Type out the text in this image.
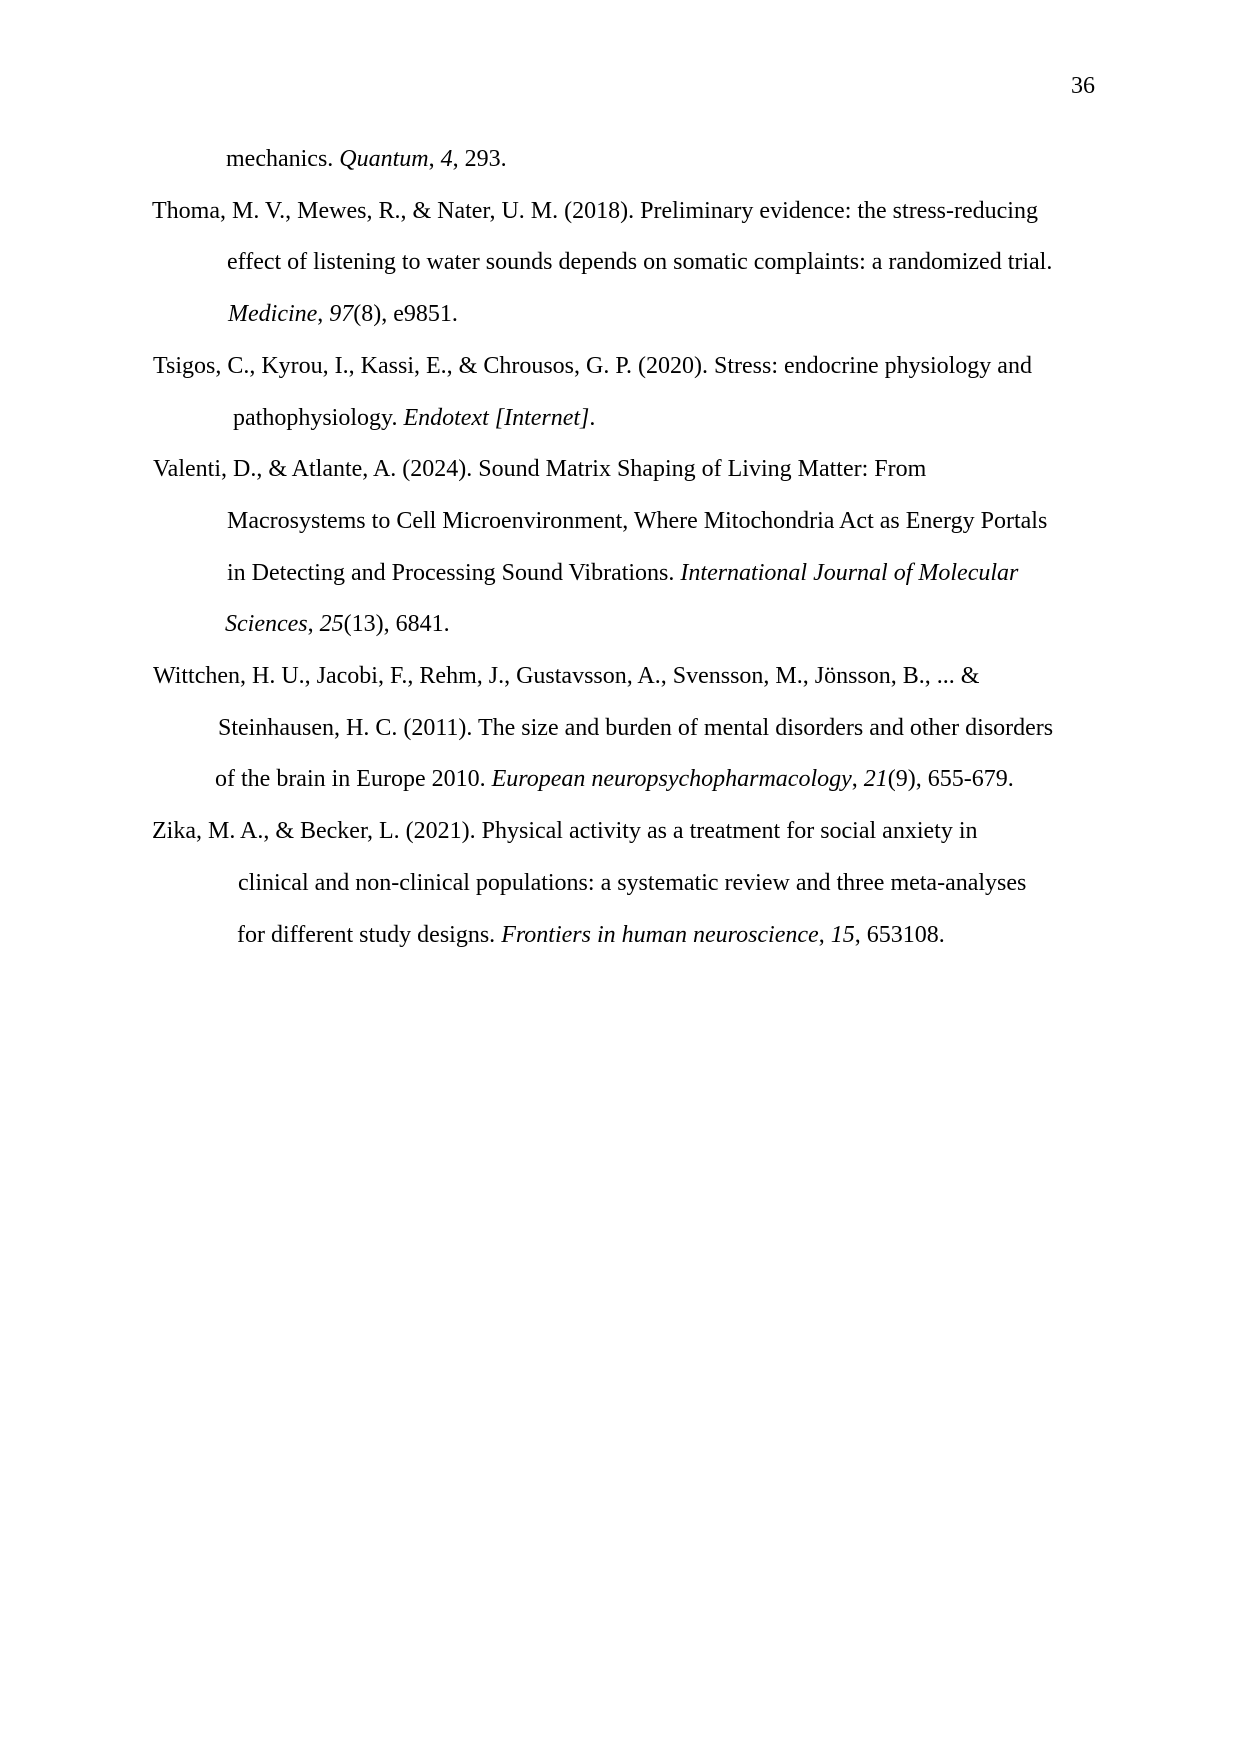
36
mechanics. Quantum, 4, 293.
Thoma, M. V., Mewes, R., & Nater, U. M. (2018). Preliminary evidence: the stress-reducing
effect of listening to water sounds depends on somatic complaints: a randomized trial.
Medicine, 97(8), e9851.
Tsigos, C., Kyrou, I., Kassi, E., & Chrousos, G. P. (2020). Stress: endocrine physiology and
pathophysiology. Endotext [Internet].
Valenti, D., & Atlante, A. (2024). Sound Matrix Shaping of Living Matter: From
Macrosystems to Cell Microenvironment, Where Mitochondria Act as Energy Portals
in Detecting and Processing Sound Vibrations. International Journal of Molecular
Sciences, 25(13), 6841.
Wittchen, H. U., Jacobi, F., Rehm, J., Gustavsson, A., Svensson, M., Jönsson, B., ... &
Steinhausen, H. C. (2011). The size and burden of mental disorders and other disorders
of the brain in Europe 2010. European neuropsychopharmacology, 21(9), 655-679.
Zika, M. A., & Becker, L. (2021). Physical activity as a treatment for social anxiety in
clinical and non-clinical populations: a systematic review and three meta-analyses
for different study designs. Frontiers in human neuroscience, 15, 653108.
